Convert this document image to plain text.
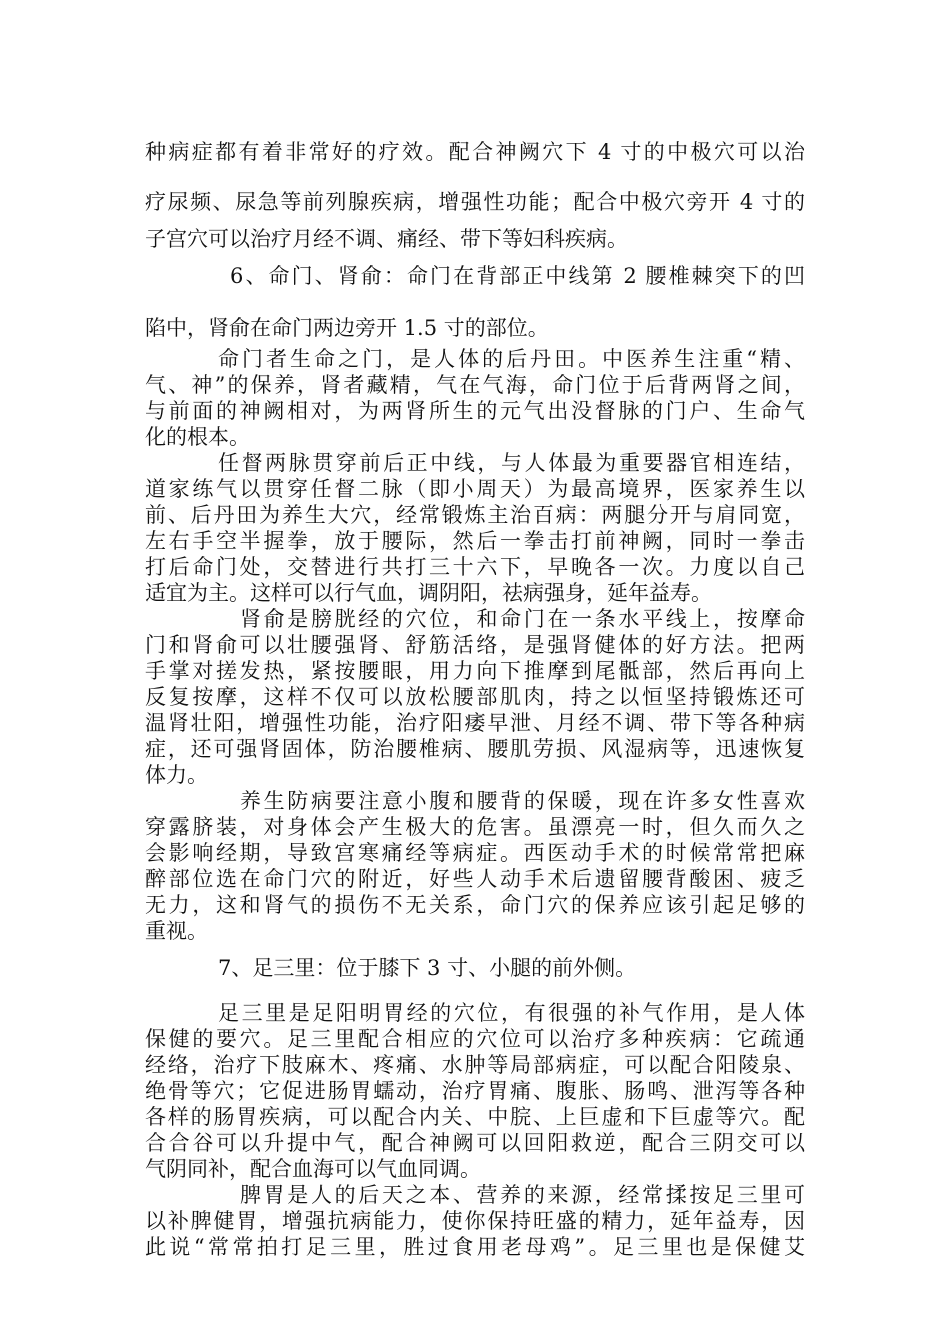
种病症都有着非常好的疗效。配合神阙穴下 4 寸的中极穴可以治
疗尿频、尿急等前列腺疾病，增强性功能；配合中极穴旁开 4 寸的
子宫穴可以治疗月经不调、痛经、带下等妇科疾病。
6、命门、肾俞：命门在背部正中线第 2 腰椎棘突下的凹
陷中，肾俞在命门两边旁开 1.5 寸的部位。
命门者生命之门，是人体的后丹田。中医养生注重“精、
气、神”的保养，肾者藏精，气在气海，命门位于后背两肾之间，
与前面的神阙相对，为两肾所生的元气出没督脉的门户、生命气
化的根本。
任督两脉贯穿前后正中线，与人体最为重要器官相连结，
道家练气以贯穿任督二脉（即小周天）为最高境界，医家养生以
前、后丹田为养生大穴，经常锻炼主治百病：两腿分开与肩同宽，
左右手空半握拳，放于腰际，然后一拳击打前神阙，同时一拳击
打后命门处，交替进行共打三十六下，早晚各一次。力度以自己
适宜为主。这样可以行气血，调阴阳，祛病强身，延年益寿。
肾俞是膀胱经的穴位，和命门在一条水平线上，按摩命
门和肾俞可以壮腰强肾、舒筋活络，是强肾健体的好方法。把两
手掌对搓发热，紧按腰眼，用力向下推摩到尾骶部，然后再向上
反复按摩，这样不仅可以放松腰部肌肉，持之以恒坚持锻炼还可
温肾壮阳，增强性功能，治疗阳痿早泄、月经不调、带下等各种病
症，还可强肾固体，防治腰椎病、腰肌劳损、风湿病等，迅速恢复
体力。
养生防病要注意小腹和腰背的保暖，现在许多女性喜欢
穿露脐装，对身体会产生极大的危害。虽漂亮一时，但久而久之
会影响经期，导致宫寒痛经等病症。西医动手术的时候常常把麻
醉部位选在命门穴的附近，好些人动手术后遗留腰背酸困、疲乏
无力，这和肾气的损伤不无关系，命门穴的保养应该引起足够的
重视。
7、足三里：位于膝下 3 寸、小腿的前外侧。
足三里是足阳明胃经的穴位，有很强的补气作用，是人体
保健的要穴。足三里配合相应的穴位可以治疗多种疾病：它疏通
经络，治疗下肢麻木、疼痛、水肿等局部病症，可以配合阳陵泉、
绝骨等穴；它促进肠胃蠕动，治疗胃痛、腹胀、肠鸣、泄泻等各种
各样的肠胃疾病，可以配合内关、中脘、上巨虚和下巨虚等穴。配
合合谷可以升提中气，配合神阙可以回阳救逆，配合三阴交可以
气阴同补，配合血海可以气血同调。
脾胃是人的后天之本、营养的来源，经常揉按足三里可
以补脾健胃，增强抗病能力，使你保持旺盛的精力，延年益寿，因
此说“常常拍打足三里，胜过食用老母鸡”。足三里也是保健艾
